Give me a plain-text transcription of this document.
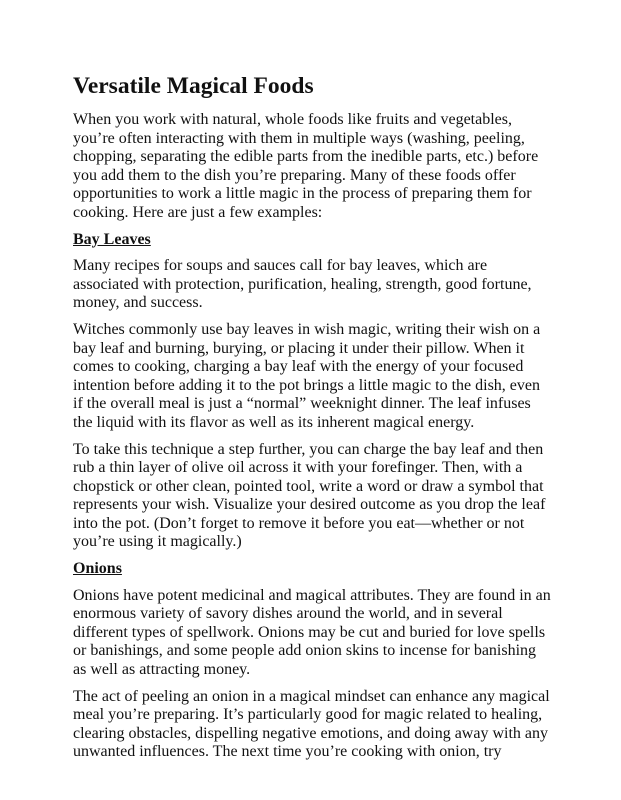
Versatile Magical Foods

When you work with natural, whole foods like fruits and vegetables, you’re often interacting with them in multiple ways (washing, peeling, chopping, separating the edible parts from the inedible parts, etc.) before you add them to the dish you’re preparing. Many of these foods offer opportunities to work a little magic in the process of preparing them for cooking. Here are just a few examples:

Bay Leaves

Many recipes for soups and sauces call for bay leaves, which are associated with protection, purification, healing, strength, good fortune, money, and success.

Witches commonly use bay leaves in wish magic, writing their wish on a bay leaf and burning, burying, or placing it under their pillow. When it comes to cooking, charging a bay leaf with the energy of your focused intention before adding it to the pot brings a little magic to the dish, even if the overall meal is just a “normal” weeknight dinner. The leaf infuses the liquid with its flavor as well as its inherent magical energy.

To take this technique a step further, you can charge the bay leaf and then rub a thin layer of olive oil across it with your forefinger. Then, with a chopstick or other clean, pointed tool, write a word or draw a symbol that represents your wish. Visualize your desired outcome as you drop the leaf into the pot. (Don’t forget to remove it before you eat—whether or not you’re using it magically.)

Onions

Onions have potent medicinal and magical attributes. They are found in an enormous variety of savory dishes around the world, and in several different types of spellwork. Onions may be cut and buried for love spells or banishings, and some people add onion skins to incense for banishing as well as attracting money.

The act of peeling an onion in a magical mindset can enhance any magical meal you’re preparing. It’s particularly good for magic related to healing, clearing obstacles, dispelling negative emotions, and doing away with any unwanted influences. The next time you’re cooking with onion, try
